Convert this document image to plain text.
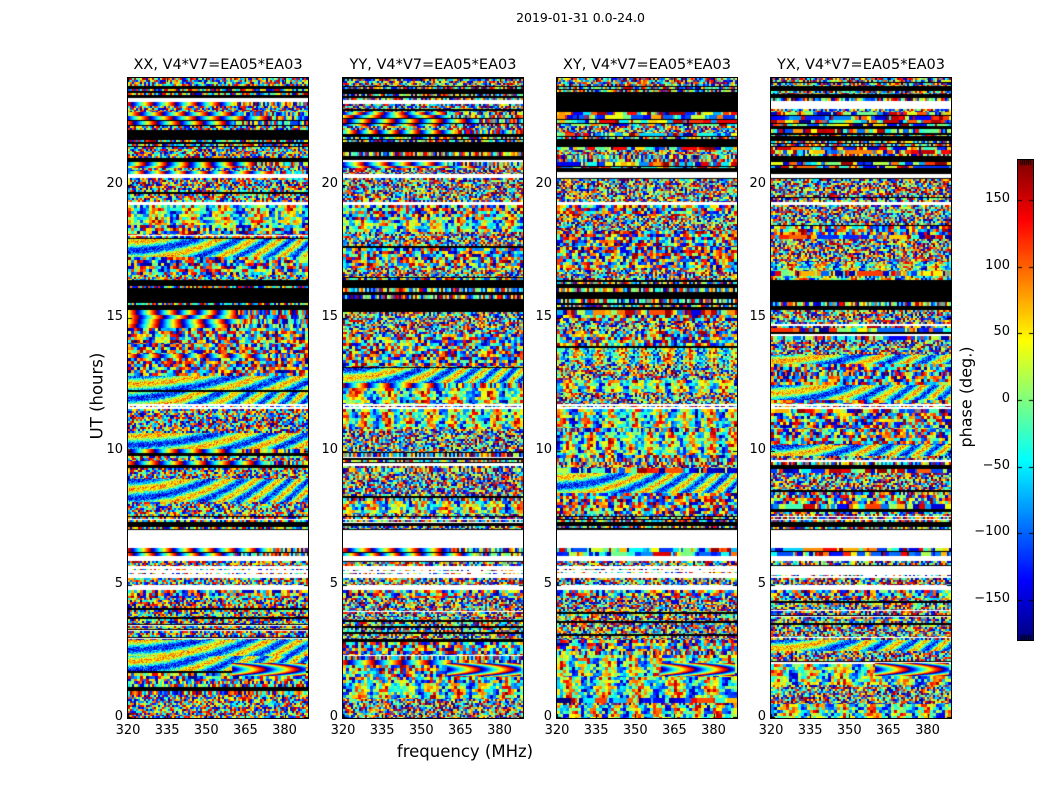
2019-01-31 0.0-24.0
XX, V4*V7=EA05*EA03	YY, V4*V7=EA05*EA03	XY, V4*V7=EA05*EA03	YX, V4*V7=EA05*EA03
frequency (MHz)
UT (hours)	phase (deg.)
0
5
10
15
20
320	335	350	365	380
0
5
10
15
20
320	335	350	365	380
0
5
10
15
20
320	335	350	365	380
0
5
10
15
20
320	335	350	365	380
150
100
50
0
−50
−100
−150
